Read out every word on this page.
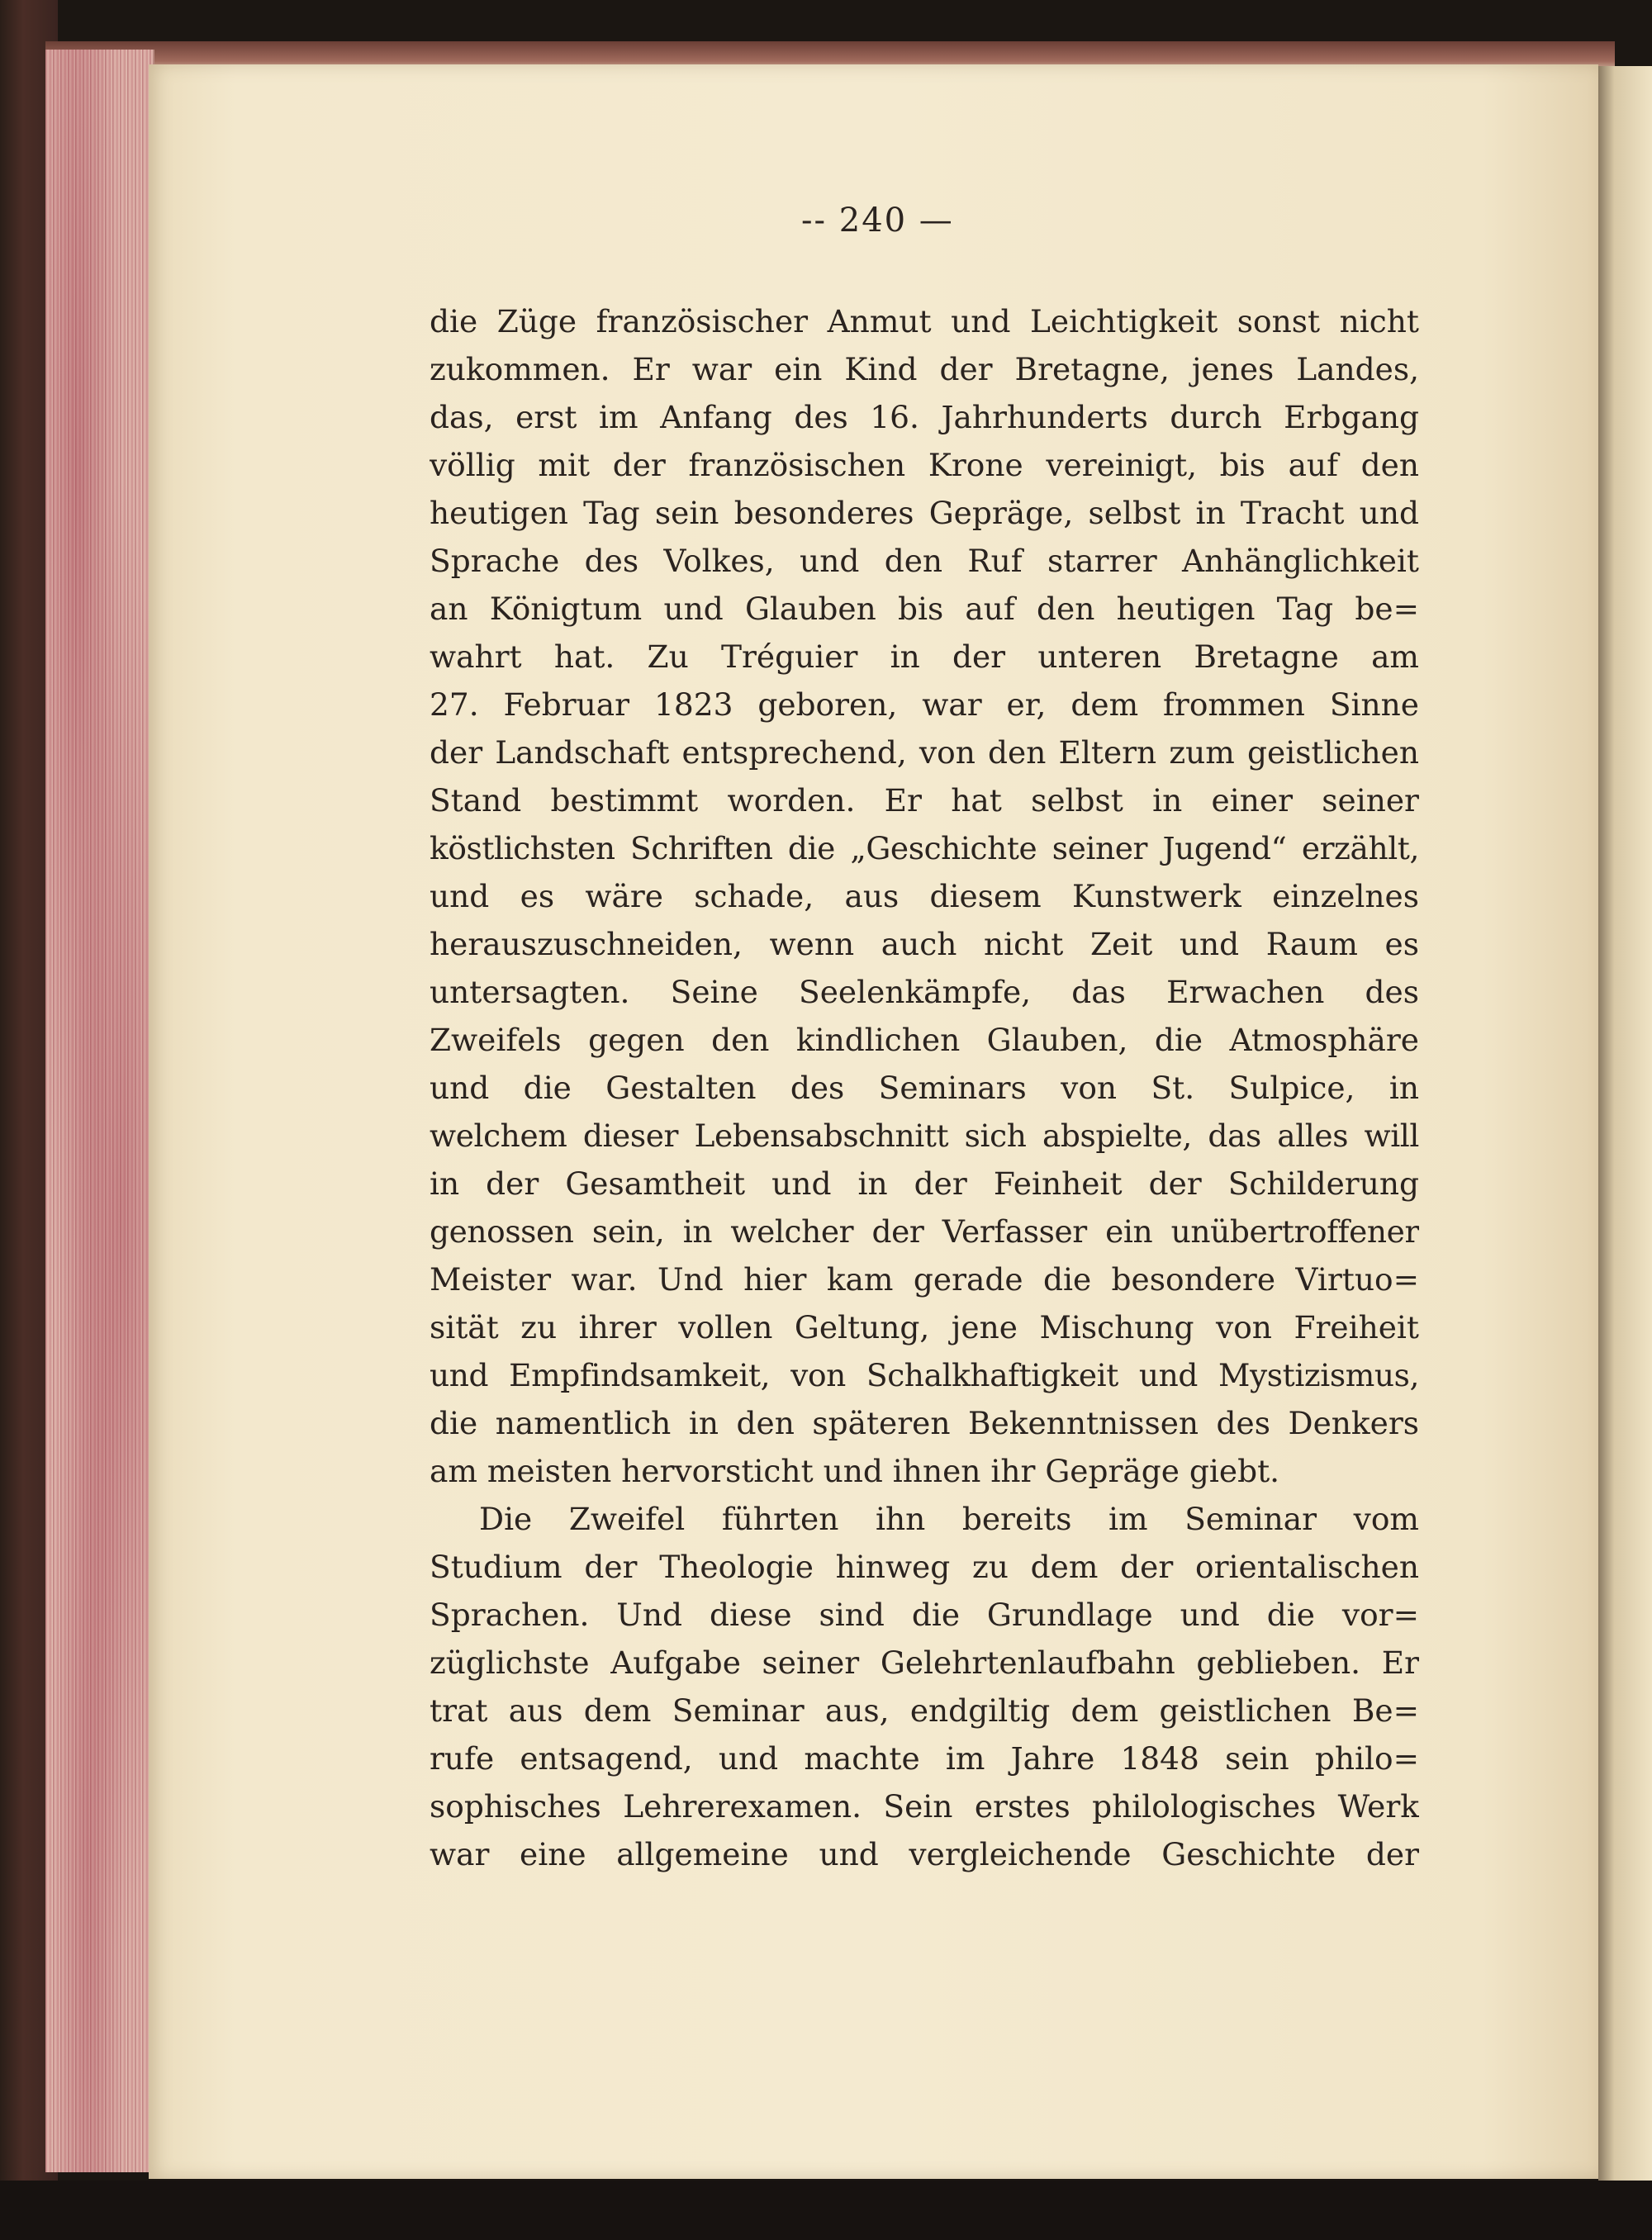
-- 240 —
die Züge französischer Anmut und Leichtigkeit sonst nicht
zukommen. Er war ein Kind der Bretagne, jenes Landes,
das, erst im Anfang des 16. Jahrhunderts durch Erbgang
völlig mit der französischen Krone vereinigt, bis auf den
heutigen Tag sein besonderes Gepräge, selbst in Tracht und
Sprache des Volkes, und den Ruf starrer Anhänglichkeit
an Königtum und Glauben bis auf den heutigen Tag be=
wahrt hat. Zu Tréguier in der unteren Bretagne am
27. Februar 1823 geboren, war er, dem frommen Sinne
der Landschaft entsprechend, von den Eltern zum geistlichen
Stand bestimmt worden. Er hat selbst in einer seiner
köstlichsten Schriften die „Geschichte seiner Jugend“ erzählt,
und es wäre schade, aus diesem Kunstwerk einzelnes
herauszuschneiden, wenn auch nicht Zeit und Raum es
untersagten. Seine Seelenkämpfe, das Erwachen des
Zweifels gegen den kindlichen Glauben, die Atmosphäre
und die Gestalten des Seminars von St. Sulpice, in
welchem dieser Lebensabschnitt sich abspielte, das alles will
in der Gesamtheit und in der Feinheit der Schilderung
genossen sein, in welcher der Verfasser ein unübertroffener
Meister war. Und hier kam gerade die besondere Virtuo=
sität zu ihrer vollen Geltung, jene Mischung von Freiheit
und Empfindsamkeit, von Schalkhaftigkeit und Mystizismus,
die namentlich in den späteren Bekenntnissen des Denkers
am meisten hervorsticht und ihnen ihr Gepräge giebt.
Die Zweifel führten ihn bereits im Seminar vom
Studium der Theologie hinweg zu dem der orientalischen
Sprachen. Und diese sind die Grundlage und die vor=
züglichste Aufgabe seiner Gelehrtenlaufbahn geblieben. Er
trat aus dem Seminar aus, endgiltig dem geistlichen Be=
rufe entsagend, und machte im Jahre 1848 sein philo=
sophisches Lehrerexamen. Sein erstes philologisches Werk
war eine allgemeine und vergleichende Geschichte der
